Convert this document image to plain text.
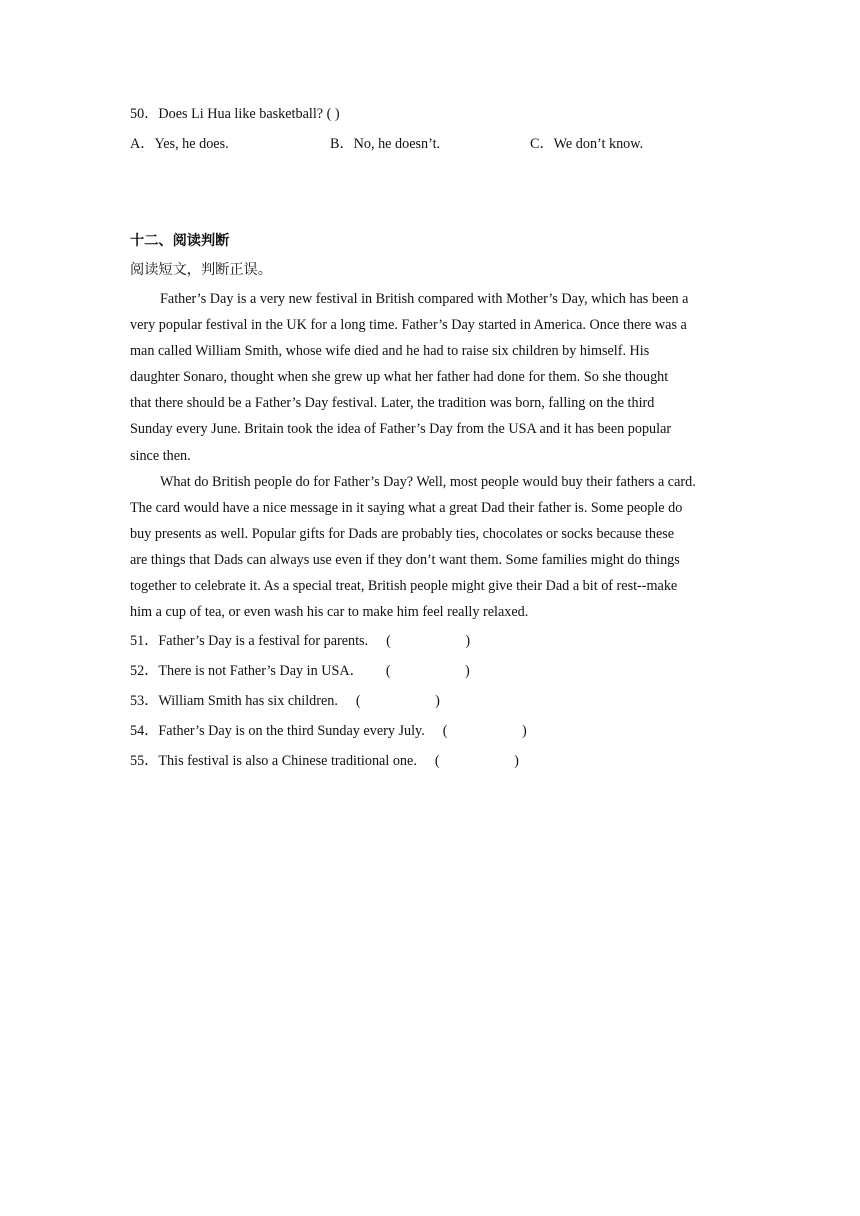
50．Does Li Hua like basketball? ( )
A．Yes, he does.	B．No, he doesn’t.	C．We don’t know.
十二、阅读判断
阅读短文，判断正误。
Father’s Day is a very new festival in British compared with Mother’s Day, which has been a
very popular festival in the UK for a long time. Father’s Day started in America. Once there was a
man called William Smith, whose wife died and he had to raise six children by himself. His
daughter Sonaro, thought when she grew up what her father had done for them. So she thought
that there should be a Father’s Day festival. Later, the tradition was born, falling on the third
Sunday every June. Britain took the idea of Father’s Day from the USA and it has been popular
since then.
What do British people do for Father’s Day? Well, most people would buy their fathers a card.
The card would have a nice message in it saying what a great Dad their father is. Some people do
buy presents as well. Popular gifts for Dads are probably ties, chocolates or socks because these
are things that Dads can always use even if they don’t want them. Some families might do things
together to celebrate it. As a special treat, British people might give their Dad a bit of rest--make
him a cup of tea, or even wash his car to make him feel really relaxed.
51．Father’s Day is a festival for parents. (                     )
52．There is not Father’s Day in USA． (                     )
53．William Smith has six children. (                     )
54．Father’s Day is on the third Sunday every July. (                     )
55．This festival is also a Chinese traditional one. (                     )
